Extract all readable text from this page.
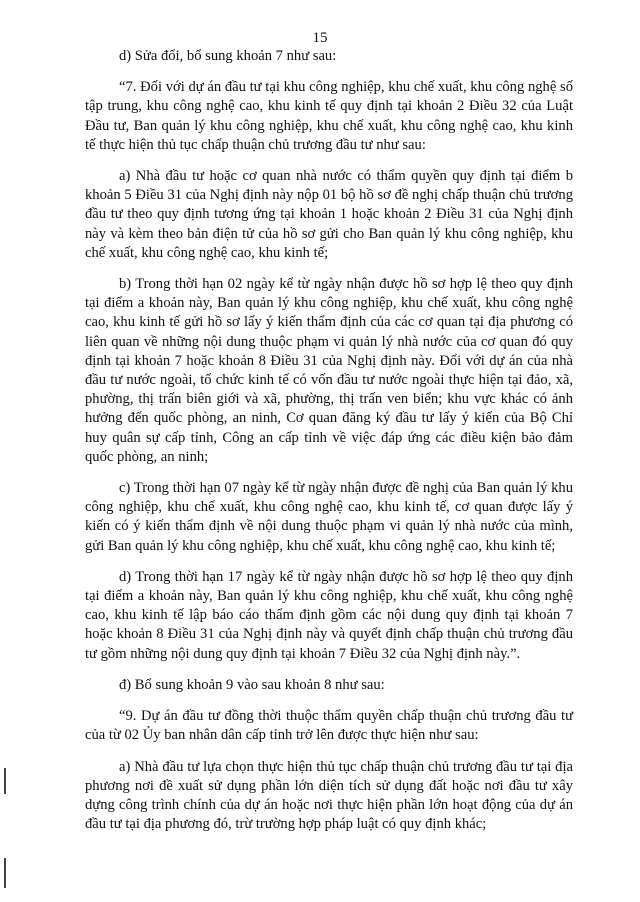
15

d) Sửa đổi, bổ sung khoản 7 như sau:

“7. Đối với dự án đầu tư tại khu công nghiệp, khu chế xuất, khu công nghệ số tập trung, khu công nghệ cao, khu kinh tế quy định tại khoản 2 Điều 32 của Luật Đầu tư, Ban quản lý khu công nghiệp, khu chế xuất, khu công nghệ cao, khu kinh tế thực hiện thủ tục chấp thuận chủ trương đầu tư như sau:

a) Nhà đầu tư hoặc cơ quan nhà nước có thẩm quyền quy định tại điểm b khoản 5 Điều 31 của Nghị định này nộp 01 bộ hồ sơ đề nghị chấp thuận chủ trương đầu tư theo quy định tương ứng tại khoản 1 hoặc khoản 2 Điều 31 của Nghị định này và kèm theo bản điện tử của hồ sơ gửi cho Ban quản lý khu công nghiệp, khu chế xuất, khu công nghệ cao, khu kinh tế;

b) Trong thời hạn 02 ngày kể từ ngày nhận được hồ sơ hợp lệ theo quy định tại điểm a khoản này, Ban quản lý khu công nghiệp, khu chế xuất, khu công nghệ cao, khu kinh tế gửi hồ sơ lấy ý kiến thẩm định của các cơ quan tại địa phương có liên quan về những nội dung thuộc phạm vi quản lý nhà nước của cơ quan đó quy định tại khoản 7 hoặc khoản 8 Điều 31 của Nghị định này. Đối với dự án của nhà đầu tư nước ngoài, tổ chức kinh tế có vốn đầu tư nước ngoài thực hiện tại đảo, xã, phường, thị trấn biên giới và xã, phường, thị trấn ven biển; khu vực khác có ảnh hưởng đến quốc phòng, an ninh, Cơ quan đăng ký đầu tư lấy ý kiến của Bộ Chỉ huy quân sự cấp tỉnh, Công an cấp tỉnh về việc đáp ứng các điều kiện bảo đảm quốc phòng, an ninh;

c) Trong thời hạn 07 ngày kể từ ngày nhận được đề nghị của Ban quản lý khu công nghiệp, khu chế xuất, khu công nghệ cao, khu kinh tế, cơ quan được lấy ý kiến có ý kiến thẩm định về nội dung thuộc phạm vi quản lý nhà nước của mình, gửi Ban quản lý khu công nghiệp, khu chế xuất, khu công nghệ cao, khu kinh tế;

d) Trong thời hạn 17 ngày kể từ ngày nhận được hồ sơ hợp lệ theo quy định tại điểm a khoản này, Ban quản lý khu công nghiệp, khu chế xuất, khu công nghệ cao, khu kinh tế lập báo cáo thẩm định gồm các nội dung quy định tại khoản 7 hoặc khoản 8 Điều 31 của Nghị định này và quyết định chấp thuận chủ trương đầu tư gồm những nội dung quy định tại khoản 7 Điều 32 của Nghị định này.”.

đ) Bổ sung khoản 9 vào sau khoản 8 như sau:

“9. Dự án đầu tư đồng thời thuộc thẩm quyền chấp thuận chủ trương đầu tư của từ 02 Ủy ban nhân dân cấp tỉnh trở lên được thực hiện như sau:

a) Nhà đầu tư lựa chọn thực hiện thủ tục chấp thuận chủ trương đầu tư tại địa phương nơi đề xuất sử dụng phần lớn diện tích sử dụng đất hoặc nơi đầu tư xây dựng công trình chính của dự án hoặc nơi thực hiện phần lớn hoạt động của dự án đầu tư tại địa phương đó, trừ trường hợp pháp luật có quy định khác;
